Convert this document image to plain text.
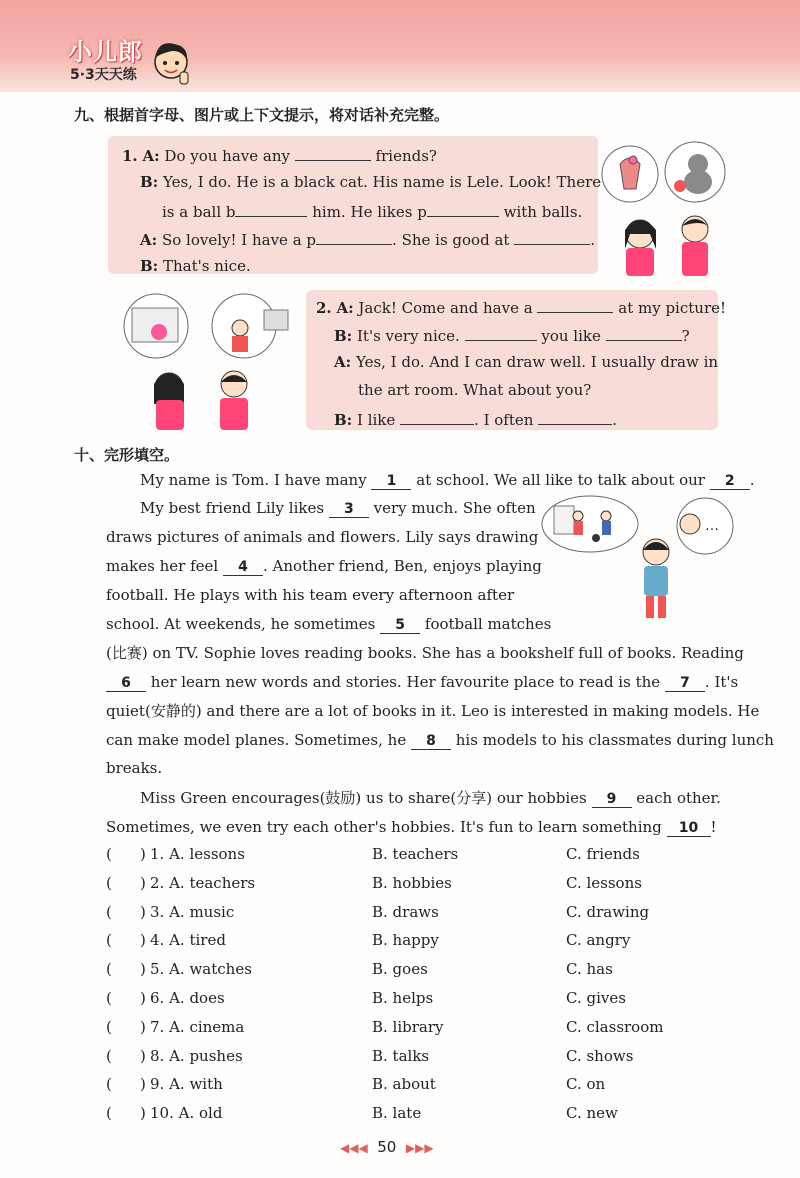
小儿郎
5·3天天练
九、根据首字母、图片或上下文提示，将对话补充完整。
1. A: Do you have any	friends?
B: Yes, I do. He is a black cat. His name is Lele. Look! There
is a ball b	him. He likes p	with balls.
A: So lovely! I have a p	. She is good at	.
B: That's nice.
2. A: Jack! Come and have a	at my picture!
B: It's very nice.	you like	?
A: Yes, I do. And I can draw well. I usually draw in
the art room. What about you?
B: I like	. I often	.
十、完形填空。
…
My name is Tom. I have many 1 at school. We all like to talk about our 2 .
My best friend Lily likes 3 very much. She often
draws pictures of animals and flowers. Lily says drawing
makes her feel 4 . Another friend, Ben, enjoys playing
football. He plays with his team every afternoon after
school. At weekends, he sometimes 5 football matches
(比赛) on TV. Sophie loves reading books. She has a bookshelf full of books. Reading
6 her learn new words and stories. Her favourite place to read is the 7 . It's
quiet(安静的) and there are a lot of books in it. Leo is interested in making models. He
can make model planes. Sometimes, he 8 his models to his classmates during lunch
breaks.
Miss Green encourages(鼓励) us to share(分享) our hobbies 9 each other.
Sometimes, we even try each other's hobbies. It's fun to learn something 10 !
( ) 1. A. lessons	B. teachers	C. friends
( ) 2. A. teachers	B. hobbies	C. lessons
( ) 3. A. music	B. draws	C. drawing
( ) 4. A. tired	B. happy	C. angry
( ) 5. A. watches	B. goes	C. has
( ) 6. A. does	B. helps	C. gives
( ) 7. A. cinema	B. library	C. classroom
( ) 8. A. pushes	B. talks	C. shows
( ) 9. A. with	B. about	C. on
( ) 10. A. old	B. late	C. new
◀◀◀ 50 ▶▶▶
